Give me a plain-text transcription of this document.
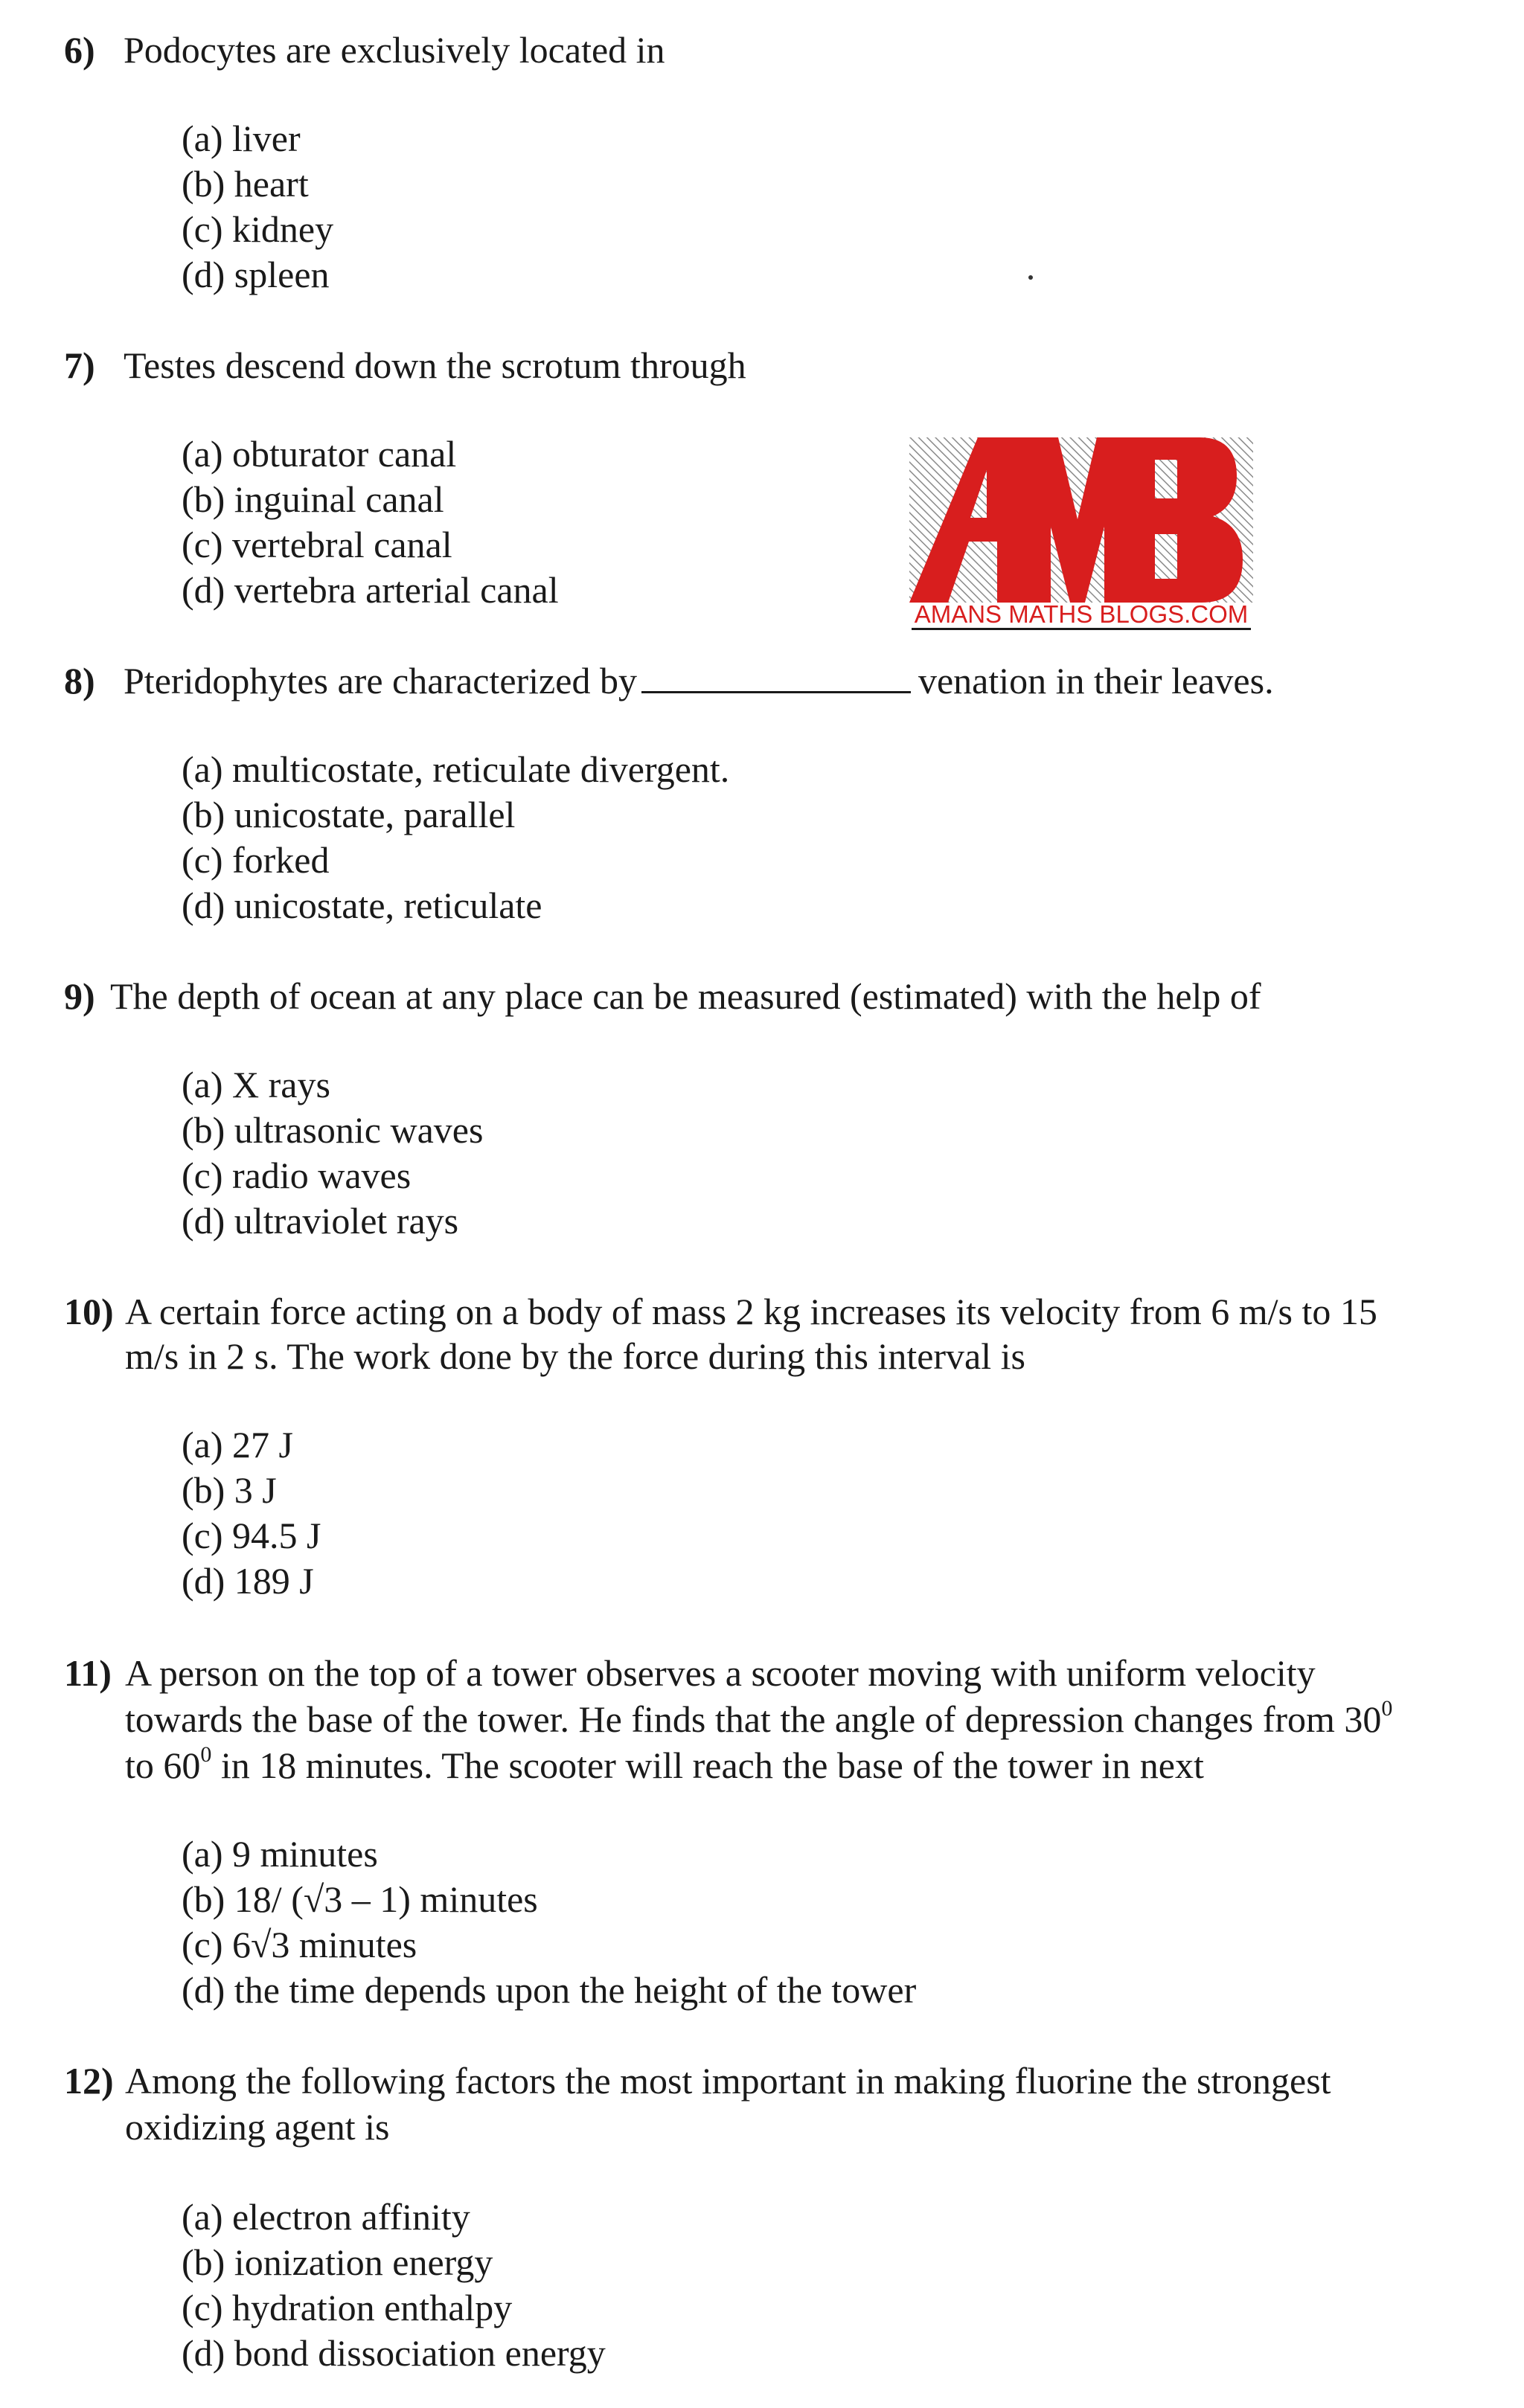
6) Podocytes are exclusively located in
(a) liver
(b) heart
(c) kidney
(d) spleen
7) Testes descend down the scrotum through
(a) obturator canal
(b) inguinal canal
(c) vertebral canal
(d) vertebra arterial canal
8) Pteridophytes are characterized by	venation in their leaves.
(a) multicostate, reticulate divergent.
(b) unicostate, parallel
(c) forked
(d) unicostate, reticulate
9) The depth of ocean at any place can be measured (estimated) with the help of
(a) X rays
(b) ultrasonic waves
(c) radio waves
(d) ultraviolet rays
10) A certain force acting on a body of mass 2 kg increases its velocity from 6 m/s to 15
m/s in 2 s. The work done by the force during this interval is
(a) 27 J
(b) 3 J
(c) 94.5 J
(d) 189 J
11) A person on the top of a tower observes a scooter moving with uniform velocity
towards the base of the tower. He finds that the angle of depression changes from $30^0$
to $60^0$ in 18 minutes. The scooter will reach the base of the tower in next
(a) 9 minutes
(b) 18/ (√3 – 1) minutes
(c) 6√3 minutes
(d) the time depends upon the height of the tower
12) Among the following factors the most important in making fluorine the strongest
oxidizing agent is
(a) electron affinity
(b) ionization energy
(c) hydration enthalpy
(d) bond dissociation energy
AMANS MATHS BLOGS.COM
